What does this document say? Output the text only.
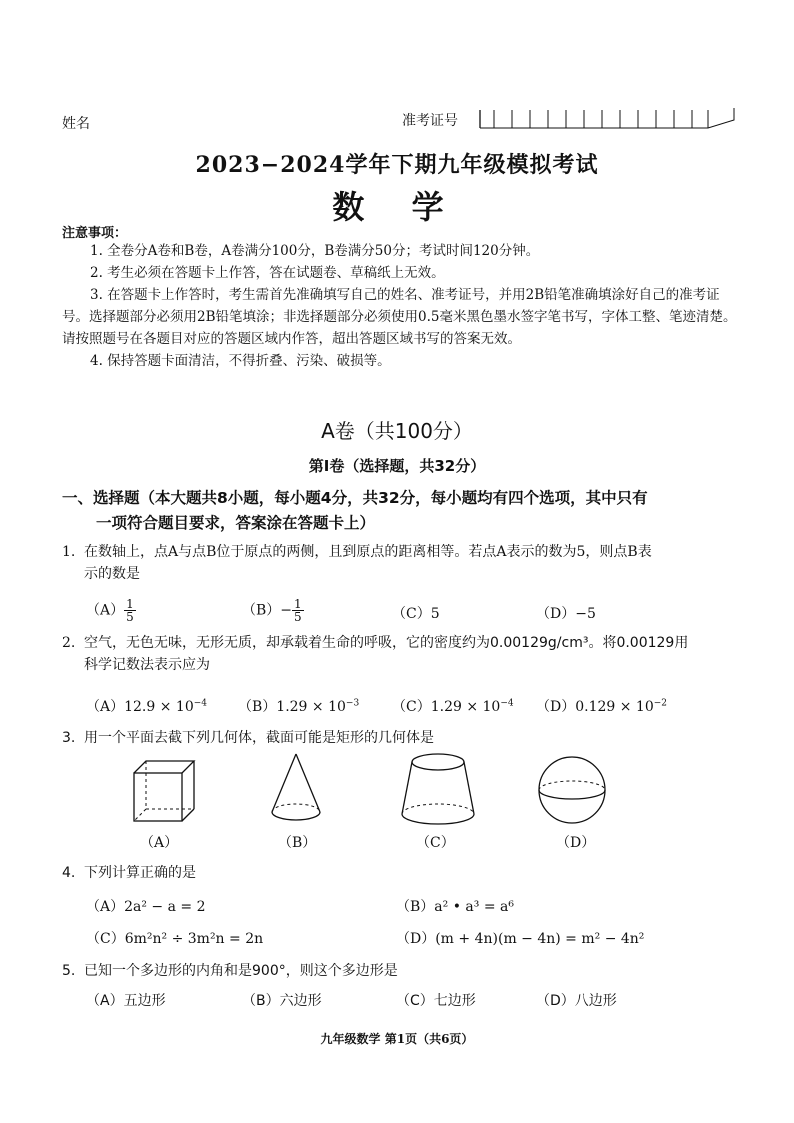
姓名	准考证号
2023−2024学年下期九年级模拟考试
数 学
注意事项：

1. 全卷分A卷和B卷，A卷满分100分，B卷满分50分；考试时间120分钟。

2. 考生必须在答题卡上作答，答在试题卷、草稿纸上无效。

3. 在答题卡上作答时，考生需首先准确填写自己的姓名、准考证号，并用2B铅笔准确填涂好自己的准考证号。选择题部分必须用2B铅笔填涂；非选择题部分必须使用0.5毫米黑色墨水签字笔书写，字体工整、笔迹清楚。请按照题号在各题目对应的答题区域内作答，超出答题区域书写的答案无效。

4. 保持答题卡面清洁，不得折叠、污染、破损等。

A卷（共100分）
第Ⅰ卷（选择题，共32分）
一、选择题（本大题共8小题，每小题4分，共32分，每小题均有四个选项，其中只有
一项符合题目要求，答案涂在答题卡上）
1. 在数轴上，点A与点B位于原点的两侧，且到原点的距离相等。若点A表示的数为5，则点B表
示的数是
$(A) \frac{1}{5}$	$(B)- \frac{1}{5}$	（C）5	（D）−5
2. 空气，无色无味，无形无质，却承载着生命的呼吸，它的密度约为0.00129g/cm³。将0.00129用
科学记数法表示应为
$(A)12.9 \times 10^{-4}$ $(B)1.29 \times 10^{-3}$ $(C)1.29 \times 10^{-4}$ $(D)0.129 \times 10^{-2}$
3. 用一个平面去截下列几何体，截面可能是矩形的几何体是
（A）	（B）	（C）	（D）
4. 下列计算正确的是
（A）2a² − a = 2	（B）a² • a³ = a⁶
（C）6m²n² ÷ 3m²n = 2n	（D）(m + 4n)(m − 4n) = m² − 4n²
5. 已知一个多边形的内角和是900°，则这个多边形是
（A）五边形	（B）六边形	（C）七边形	（D）八边形
九年级数学 第1页（共6页）
